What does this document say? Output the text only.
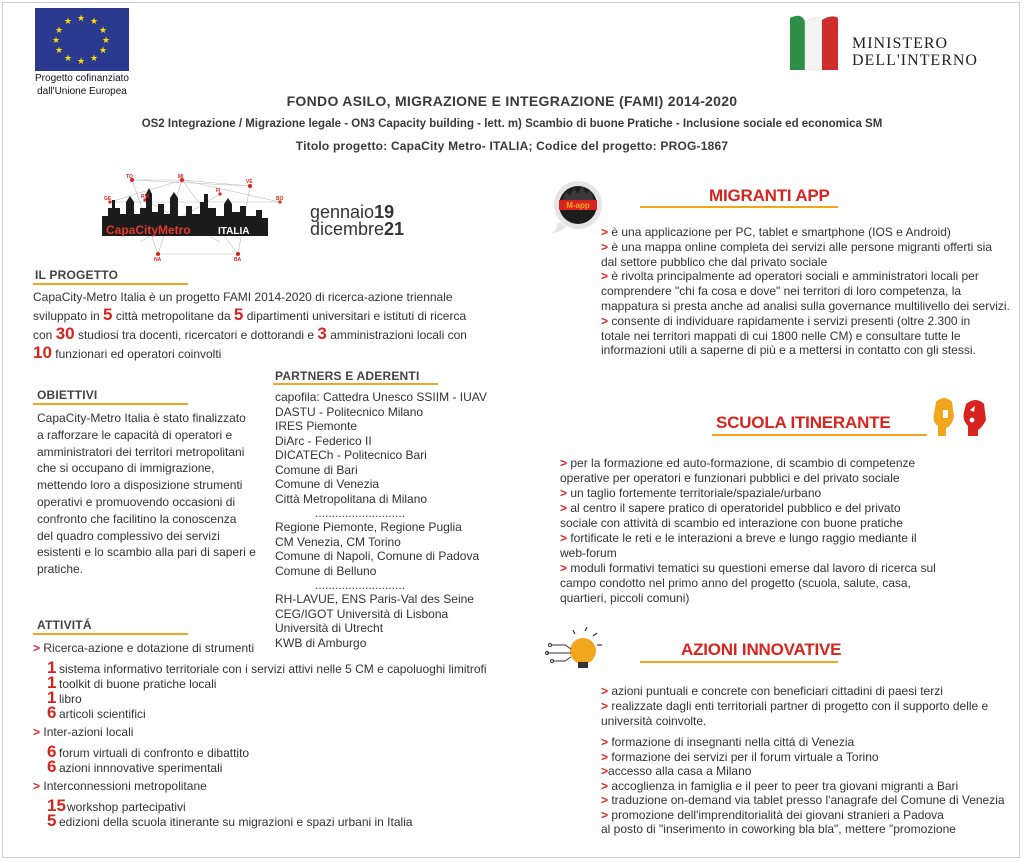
★ ★
★
★
★
★
★
★
★
★
★
★
Progetto cofinanziato
dall'Unione Europea
MINISTERO
DELL'INTERNO
FONDO ASILO, MIGRAZIONE E INTEGRAZIONE (FAMI) 2014-2020
OS2 Integrazione / Migrazione legale - ON3 Capacity building - lett. m) Scambio di buone Pratiche - Inclusione sociale ed economica SM
Titolo progetto: CapaCity Metro- ITALIA; Codice del progetto: PROG-1867
CapaCityMetro	ITALIA
TO	MI
VE
GE	BO
FI
RM
NA	BA
gennaio19
dicembre21
IL PROGETTO
CapaCity-Metro Italia è un progetto FAMI 2014-2020 di ricerca-azione triennale
sviluppato in 5 città metropolitane da 5 dipartimenti universitari e istituti di ricerca
con 30 studiosi tra docenti, ricercatori e dottorandi e 3 amministrazioni locali con
10 funzionari ed operatori coinvolti
OBIETTIVI
CapaCity-Metro Italia è stato finalizzato
a rafforzare le capacità di operatori e
amministratori dei territori metropolitani
che si occupano di immigrazione,
mettendo loro a disposizione strumenti
operativi e promuovendo occasioni di
confronto che facilitino la conoscenza
del quadro complessivo dei servizi
esistenti e lo scambio alla pari di saperi e
pratiche.
PARTNERS E ADERENTI
capofila: Cattedra Unesco SSIIM - IUAV
DASTU - Politecnico Milano
IRES Piemonte
DiArc - Federico II
DICATECh - Politecnico Bari
Comune di Bari
Comune di Venezia
Città Metropolitana di Milano
...........................
Regione Piemonte, Regione Puglia
CM Venezia, CM Torino
Comune di Napoli, Comune di Padova
Comune di Belluno
...........................
RH-LAVUE, ENS Paris-Val des Seine
CEG/IGOT Università di Lisbona
Università di Utrecht
KWB di Amburgo
ATTIVITÁ
> Ricerca-azione e dotazione di strumenti
1 sistema informativo territoriale con i servizi attivi nelle 5 CM e capoluoghi limitrofi
1 toolkit di buone pratiche locali
1 libro
6 articoli scientifici
> Inter-azioni locali
6 forum virtuali di confronto e dibattito
6 azioni innnovative sperimentali
> Interconnessioni metropolitane
15workshop partecipativi
5 edizioni della scuola itinerante su migrazioni e spazi urbani in Italia
M-app
MIGRANTI APP
> è una applicazione per PC, tablet e smartphone (IOS e Android)
> è una mappa online completa dei servizi alle persone migranti offerti sia
dal settore pubblico che dal privato sociale
> è rivolta principalmente ad operatori sociali e amministratori locali per
comprendere "chi fa cosa e dove" nei territori di loro competenza, la
mappatura si presta anche ad analisi sulla governance multilivello dei servizi.
> consente di individuare rapidamente i servizi presenti (oltre 2.300 in
totale nei territori mappati di cui 1800 nelle CM) e consultare tutte le
informazioni utili a saperne di più e a mettersi in contatto con gli stessi.
SCUOLA ITINERANTE
> per la formazione ed auto-formazione, di scambio di competenze
operative per operatori e funzionari pubblici e del privato sociale
> un taglio fortemente territoriale/spaziale/urbano
> al centro il sapere pratico di operatoridel pubblico e del privato
sociale con attività di scambio ed interazione con buone pratiche
> fortificate le reti e le interazioni a breve e lungo raggio mediante il
web-forum
> moduli formativi tematici su questioni emerse dal lavoro di ricerca sul
campo condotto nel primo anno del progetto (scuola, salute, casa,
quartieri, piccoli comuni)
AZIONI INNOVATIVE
> azioni puntuali e concrete con beneficiari cittadini di paesi terzi
> realizzate dagli enti territoriali partner di progetto con il supporto delle e
università coinvolte.
> formazione di insegnanti nella cittá di Venezia
> formazione dei servizi per il forum virtuale a Torino
>accesso alla casa a Milano
> accoglienza in famiglia e il peer to peer tra giovani migranti a Bari
> traduzione on-demand via tablet presso l'anagrafe del Comune di Venezia
> promozione dell'imprenditorialità dei giovani stranieri a Padova
al posto di "inserimento in coworking bla bla", mettere "promozione
